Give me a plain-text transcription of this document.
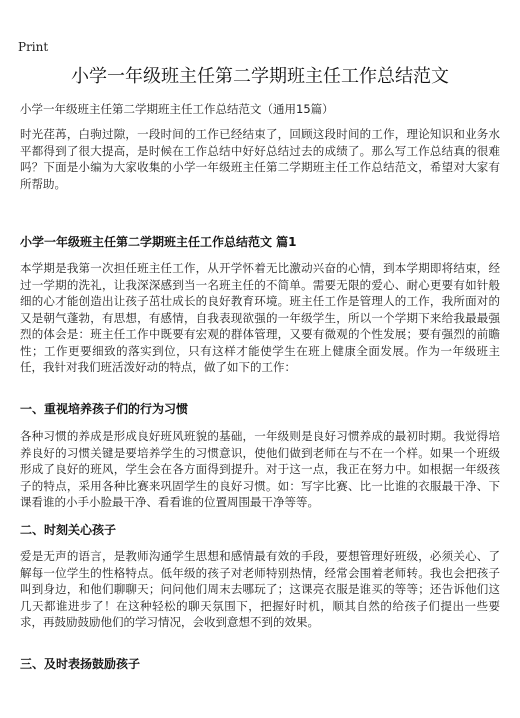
Print
小学一年级班主任第二学期班主任工作总结范文
小学一年级班主任第二学期班主任工作总结范文（通用15篇）

时光荏苒，白驹过隙，一段时间的工作已经结束了，回顾这段时间的工作，理论知识和业务水平都得到了很大提高，是时候在工作总结中好好总结过去的成绩了。那么写工作总结真的很难吗？下面是小编为大家收集的小学一年级班主任第二学期班主任工作总结范文，希望对大家有所帮助。

小学一年级班主任第二学期班主任工作总结范文 篇1

本学期是我第一次担任班主任工作，从开学怀着无比激动兴奋的心情，到本学期即将结束，经过一学期的洗礼，让我深深感到当一名班主任的不简单。需要无限的爱心、耐心更要有如针般细的心才能创造出让孩子茁壮成长的良好教育环境。班主任工作是管理人的工作，我所面对的又是朝气蓬勃，有思想，有感情，自我表现欲强的一年级学生，所以一个学期下来给我最最强烈的体会是：班主任工作中既要有宏观的群体管理，又要有微观的个性发展；要有强烈的前瞻性；工作更要细致的落实到位，只有这样才能使学生在班上健康全面发展。作为一年级班主任，我针对我们班活泼好动的特点，做了如下的工作：

一、重视培养孩子们的行为习惯

各种习惯的养成是形成良好班风班貌的基础，一年级则是良好习惯养成的最初时期。我觉得培养良好的习惯关键是要培养学生的习惯意识，使他们做到老师在与不在一个样。如果一个班级形成了良好的班风，学生会在各方面得到提升。对于这一点，我正在努力中。如根据一年级孩子的特点，采用各种比赛来巩固学生的良好习惯。如：写字比赛、比一比谁的衣服最干净、下课看谁的小手小脸最干净、看看谁的位置周围最干净等等。

二、时刻关心孩子

爱是无声的语言，是教师沟通学生思想和感情最有效的手段，要想管理好班级，必须关心、了解每一位学生的性格特点。低年级的孩子对老师特别热情，经常会围着老师转。我也会把孩子叫到身边，和他们聊聊天；问问他们周末去哪玩了；这课亮衣服是谁买的等等；还告诉他们这几天都谁进步了！在这种轻松的聊天氛围下，把握好时机，顺其自然的给孩子们提出一些要求，再鼓励鼓励他们的学习情况，会收到意想不到的效果。

三、及时表扬鼓励孩子
